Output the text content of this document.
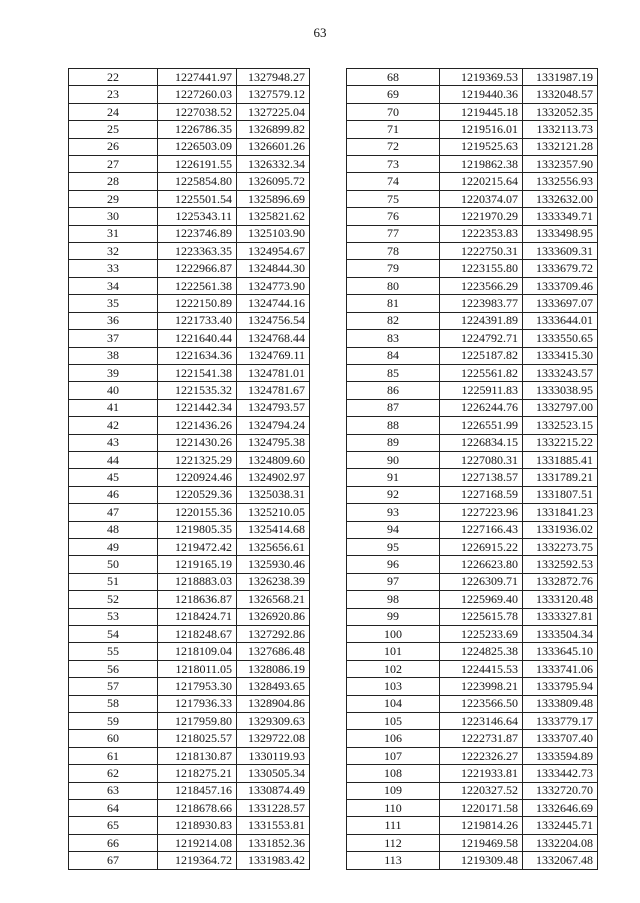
63
22	1227441.97	1327948.27
23	1227260.03	1327579.12
24	1227038.52	1327225.04
25	1226786.35	1326899.82
26	1226503.09	1326601.26
27	1226191.55	1326332.34
28	1225854.80	1326095.72
29	1225501.54	1325896.69
30	1225343.11	1325821.62
31	1223746.89	1325103.90
32	1223363.35	1324954.67
33	1222966.87	1324844.30
34	1222561.38	1324773.90
35	1222150.89	1324744.16
36	1221733.40	1324756.54
37	1221640.44	1324768.44
38	1221634.36	1324769.11
39	1221541.38	1324781.01
40	1221535.32	1324781.67
41	1221442.34	1324793.57
42	1221436.26	1324794.24
43	1221430.26	1324795.38
44	1221325.29	1324809.60
45	1220924.46	1324902.97
46	1220529.36	1325038.31
47	1220155.36	1325210.05
48	1219805.35	1325414.68
49	1219472.42	1325656.61
50	1219165.19	1325930.46
51	1218883.03	1326238.39
52	1218636.87	1326568.21
53	1218424.71	1326920.86
54	1218248.67	1327292.86
55	1218109.04	1327686.48
56	1218011.05	1328086.19
57	1217953.30	1328493.65
58	1217936.33	1328904.86
59	1217959.80	1329309.63
60	1218025.57	1329722.08
61	1218130.87	1330119.93
62	1218275.21	1330505.34
63	1218457.16	1330874.49
64	1218678.66	1331228.57
65	1218930.83	1331553.81
66	1219214.08	1331852.36
67	1219364.72	1331983.42
68	1219369.53	1331987.19
69	1219440.36	1332048.57
70	1219445.18	1332052.35
71	1219516.01	1332113.73
72	1219525.63	1332121.28
73	1219862.38	1332357.90
74	1220215.64	1332556.93
75	1220374.07	1332632.00
76	1221970.29	1333349.71
77	1222353.83	1333498.95
78	1222750.31	1333609.31
79	1223155.80	1333679.72
80	1223566.29	1333709.46
81	1223983.77	1333697.07
82	1224391.89	1333644.01
83	1224792.71	1333550.65
84	1225187.82	1333415.30
85	1225561.82	1333243.57
86	1225911.83	1333038.95
87	1226244.76	1332797.00
88	1226551.99	1332523.15
89	1226834.15	1332215.22
90	1227080.31	1331885.41
91	1227138.57	1331789.21
92	1227168.59	1331807.51
93	1227223.96	1331841.23
94	1227166.43	1331936.02
95	1226915.22	1332273.75
96	1226623.80	1332592.53
97	1226309.71	1332872.76
98	1225969.40	1333120.48
99	1225615.78	1333327.81
100	1225233.69	1333504.34
101	1224825.38	1333645.10
102	1224415.53	1333741.06
103	1223998.21	1333795.94
104	1223566.50	1333809.48
105	1223146.64	1333779.17
106	1222731.87	1333707.40
107	1222326.27	1333594.89
108	1221933.81	1333442.73
109	1220327.52	1332720.70
110	1220171.58	1332646.69
111	1219814.26	1332445.71
112	1219469.58	1332204.08
113	1219309.48	1332067.48
